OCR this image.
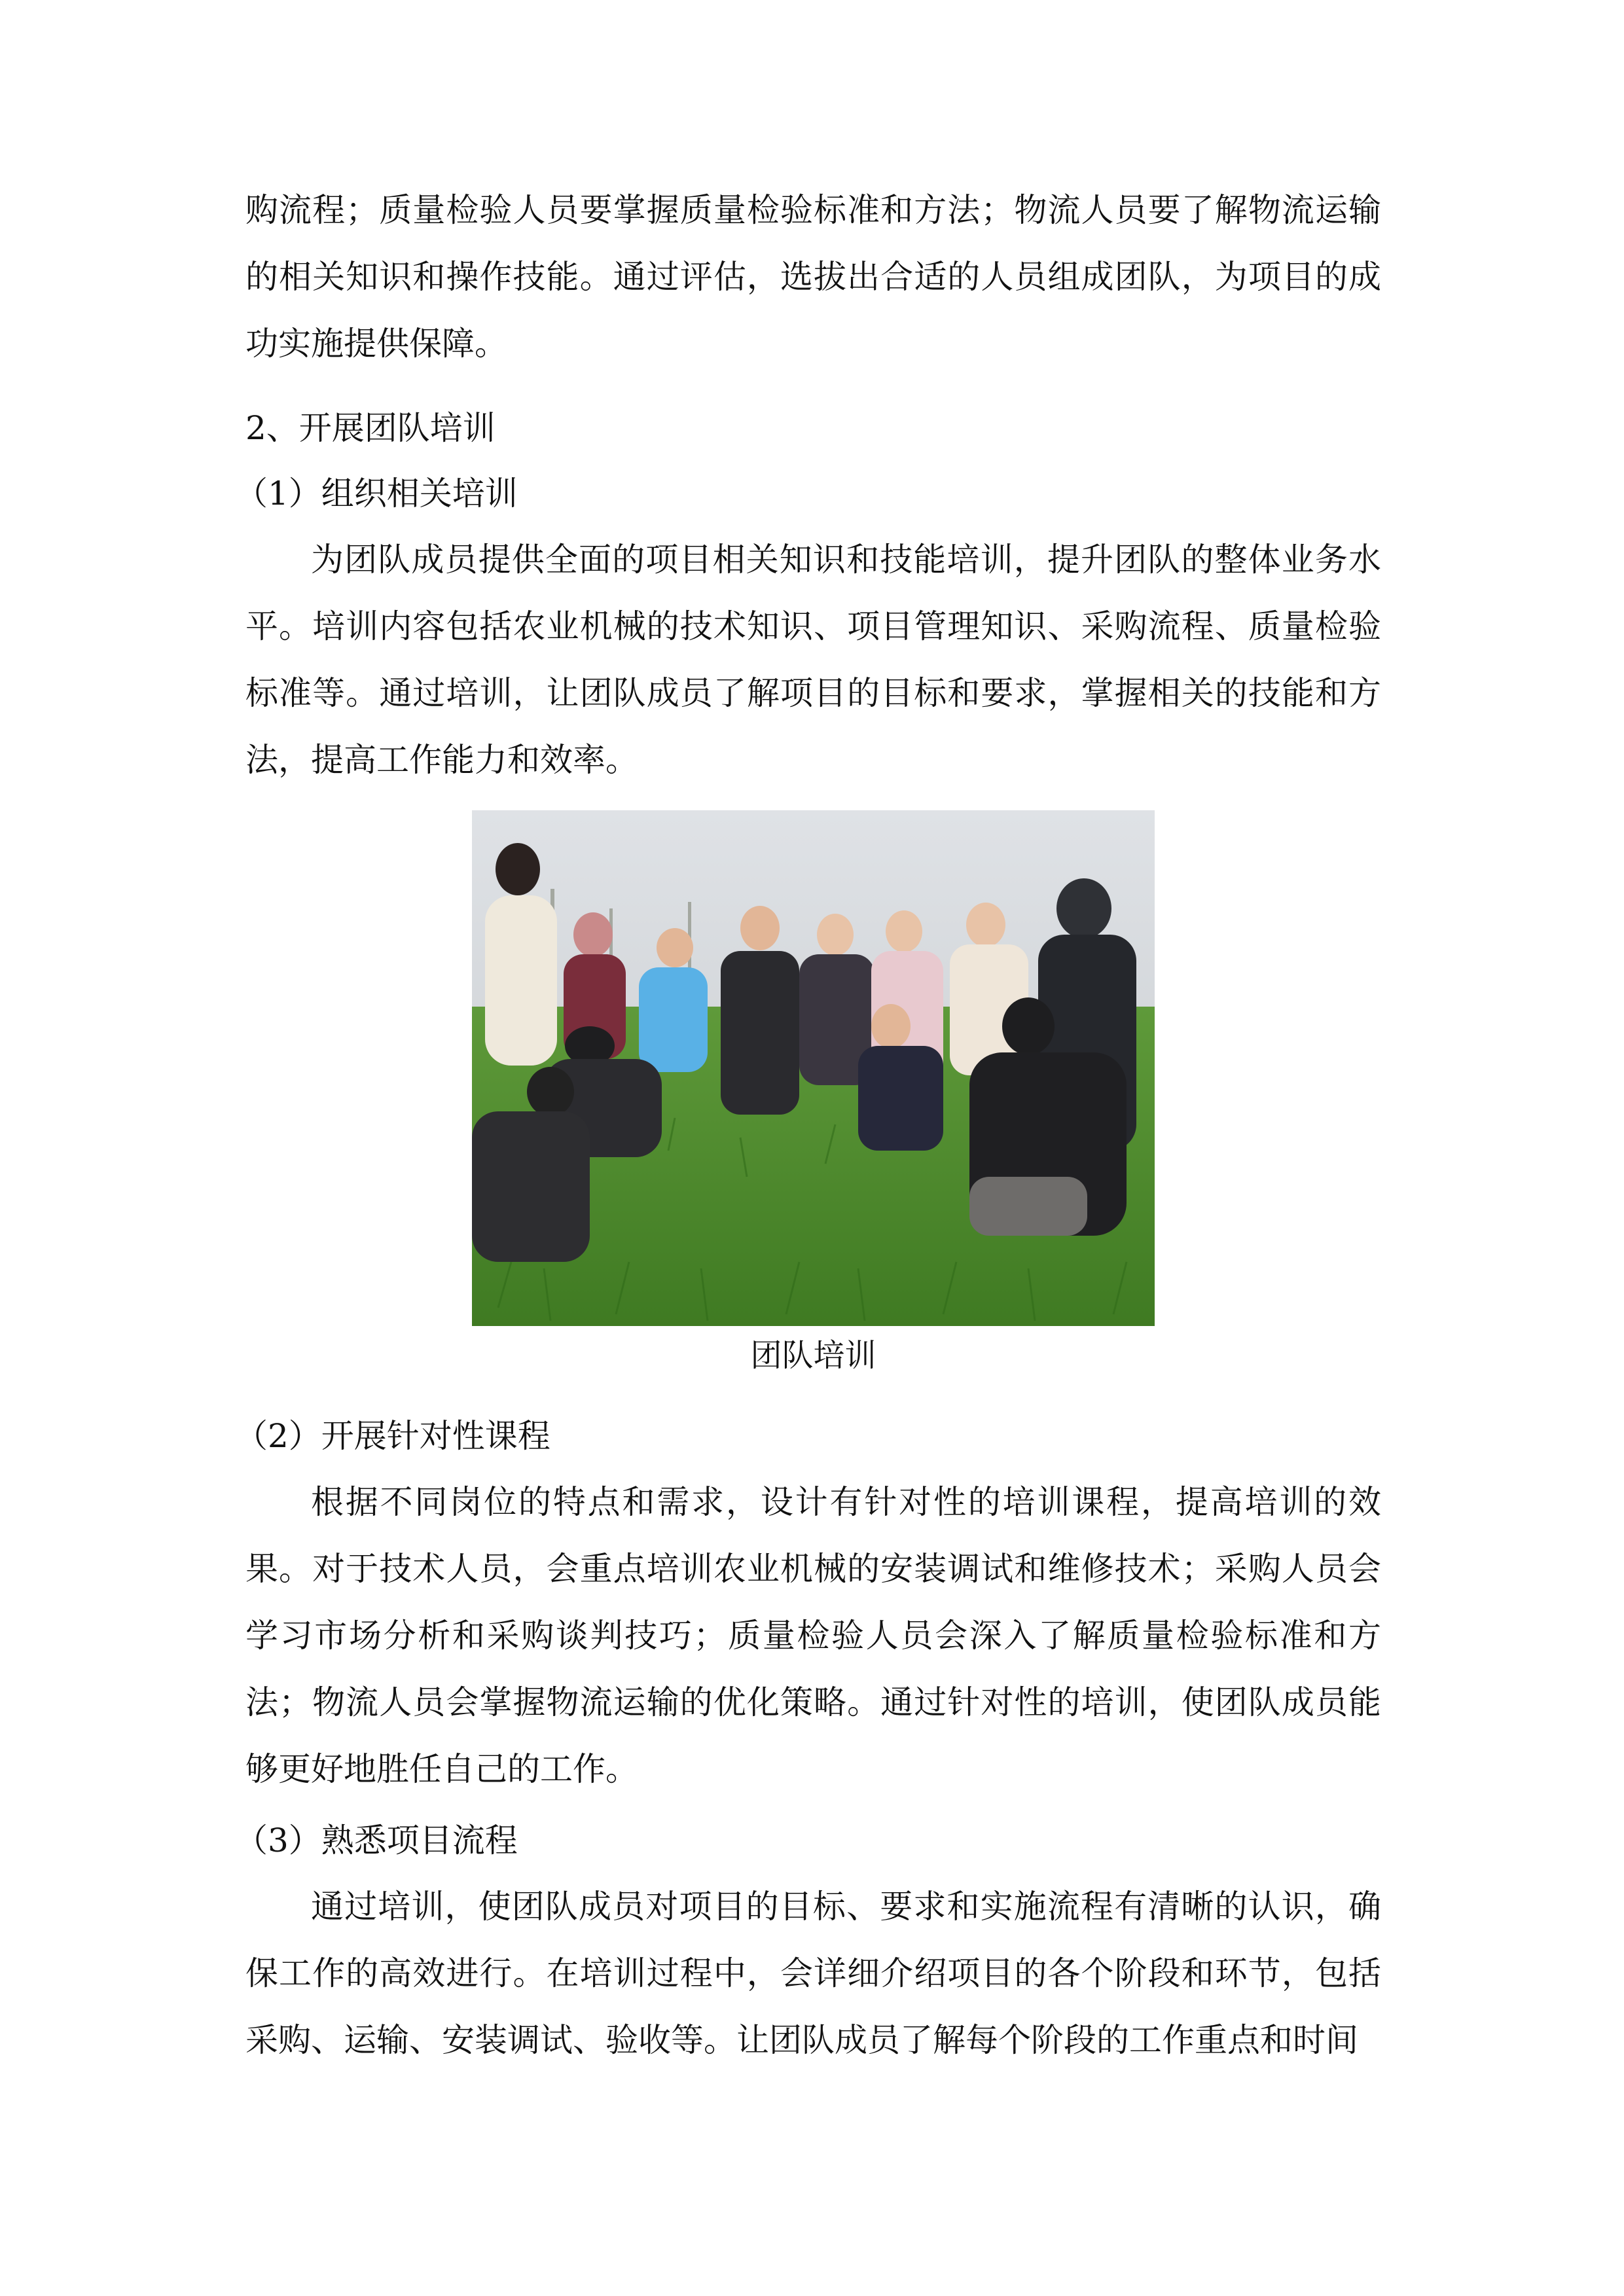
购流程；质量检验人员要掌握质量检验标准和方法；物流人员要了解物流运输的相关知识和操作技能。通过评估，选拔出合适的人员组成团队，为项目的成功实施提供保障。

2、开展团队培训

（1）组织相关培训

为团队成员提供全面的项目相关知识和技能培训，提升团队的整体业务水平。培训内容包括农业机械的技术知识、项目管理知识、采购流程、质量检验标准等。通过培训，让团队成员了解项目的目标和要求，掌握相关的技能和方法，提高工作能力和效率。

团队培训

（2）开展针对性课程

根据不同岗位的特点和需求，设计有针对性的培训课程，提高培训的效果。对于技术人员，会重点培训农业机械的安装调试和维修技术；采购人员会学习市场分析和采购谈判技巧；质量检验人员会深入了解质量检验标准和方法；物流人员会掌握物流运输的优化策略。通过针对性的培训，使团队成员能够更好地胜任自己的工作。

（3）熟悉项目流程

通过培训，使团队成员对项目的目标、要求和实施流程有清晰的认识，确保工作的高效进行。在培训过程中，会详细介绍项目的各个阶段和环节，包括采购、运输、安装调试、验收等。让团队成员了解每个阶段的工作重点和时间
